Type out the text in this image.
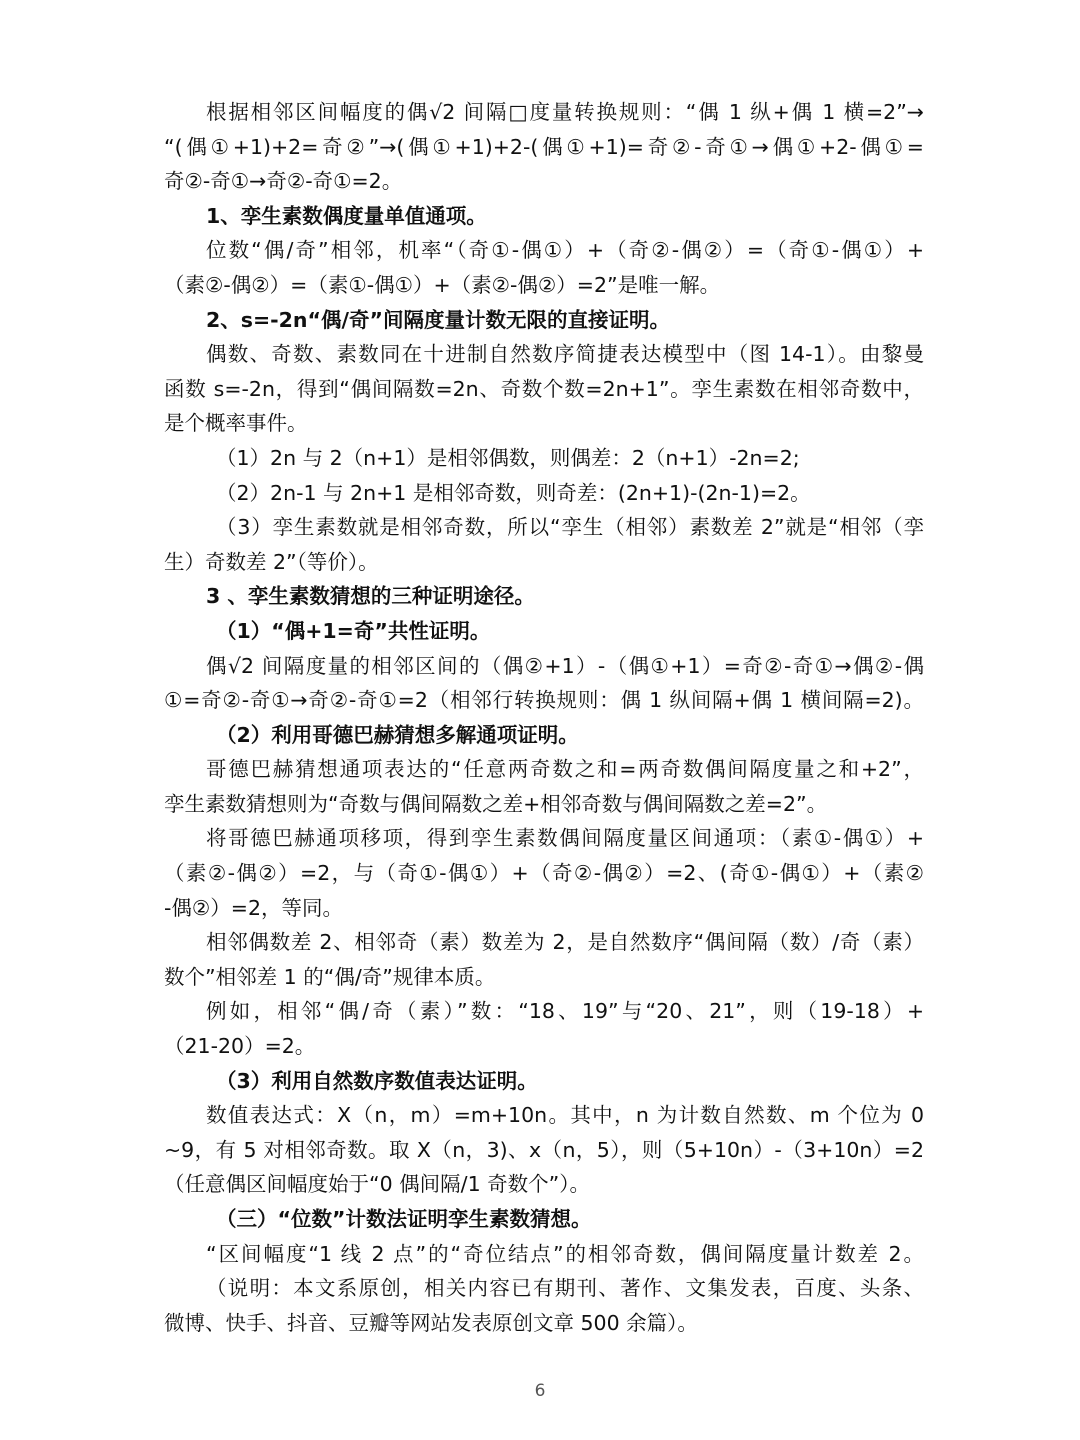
根据相邻区间幅度的偶√2 间隔□度量转换规则：“偶 1 纵+偶 1 横=2”→
“(偶①+1)+2=奇②”→(偶①+1)+2-(偶①+1)=奇②-奇①→偶①+2-偶①=
奇②-奇①→奇②-奇①=2。
1、孪生素数偶度量单值通项。
位数“偶/奇”相邻，机率“（奇①-偶①）+（奇②-偶②）=（奇①-偶①）+
（素②-偶②）=（素①-偶①）+（素②-偶②）=2”是唯一解。
2、s=-2n“偶/奇”间隔度量计数无限的直接证明。
偶数、奇数、素数同在十进制自然数序简捷表达模型中（图 14-1）。由黎曼
函数 s=-2n，得到“偶间隔数=2n、奇数个数=2n+1”。孪生素数在相邻奇数中，
是个概率事件。
（1）2n 与 2（n+1）是相邻偶数，则偶差：2（n+1）-2n=2;
（2）2n-1 与 2n+1 是相邻奇数，则奇差：(2n+1)-(2n-1)=2。
（3）孪生素数就是相邻奇数，所以“孪生（相邻）素数差 2”就是“相邻（孪
生）奇数差 2”（等价）。
3 、孪生素数猜想的三种证明途径。
（1）“偶+1=奇”共性证明。
偶√2 间隔度量的相邻区间的（偶②+1）-（偶①+1）=奇②-奇①→偶②-偶
①=奇②-奇①→奇②-奇①=2（相邻行转换规则：偶 1 纵间隔+偶 1 横间隔=2)。
（2）利用哥德巴赫猜想多解通项证明。
哥德巴赫猜想通项表达的“任意两奇数之和=两奇数偶间隔度量之和+2”，
孪生素数猜想则为“奇数与偶间隔数之差+相邻奇数与偶间隔数之差=2”。
将哥德巴赫通项移项，得到孪生素数偶间隔度量区间通项：（素①-偶①）+
（素②-偶②）=2，与（奇①-偶①）+（奇②-偶②）=2、(奇①-偶①）+（素②
-偶②）=2，等同。
相邻偶数差 2、相邻奇（素）数差为 2，是自然数序“偶间隔（数）/奇（素）
数个”相邻差 1 的“偶/奇”规律本质。
例如，相邻“偶/奇（素）”数：“18、19”与“20、21”，则（19-18）+
（21-20）=2。
（3）利用自然数序数值表达证明。
数值表达式：X（n，m）=m+10n。其中，n 为计数自然数、m 个位为 0
~9，有 5 对相邻奇数。取 X（n，3)、x（n，5），则（5+10n）-（3+10n）=2
（任意偶区间幅度始于“0 偶间隔/1 奇数个”）。
（三）“位数”计数法证明孪生素数猜想。
“区间幅度“1 线 2 点”的“奇位结点”的相邻奇数，偶间隔度量计数差 2。
（说明：本文系原创，相关内容已有期刊、著作、文集发表，百度、头条、
微博、快手、抖音、豆瓣等网站发表原创文章 500 余篇）。
6
